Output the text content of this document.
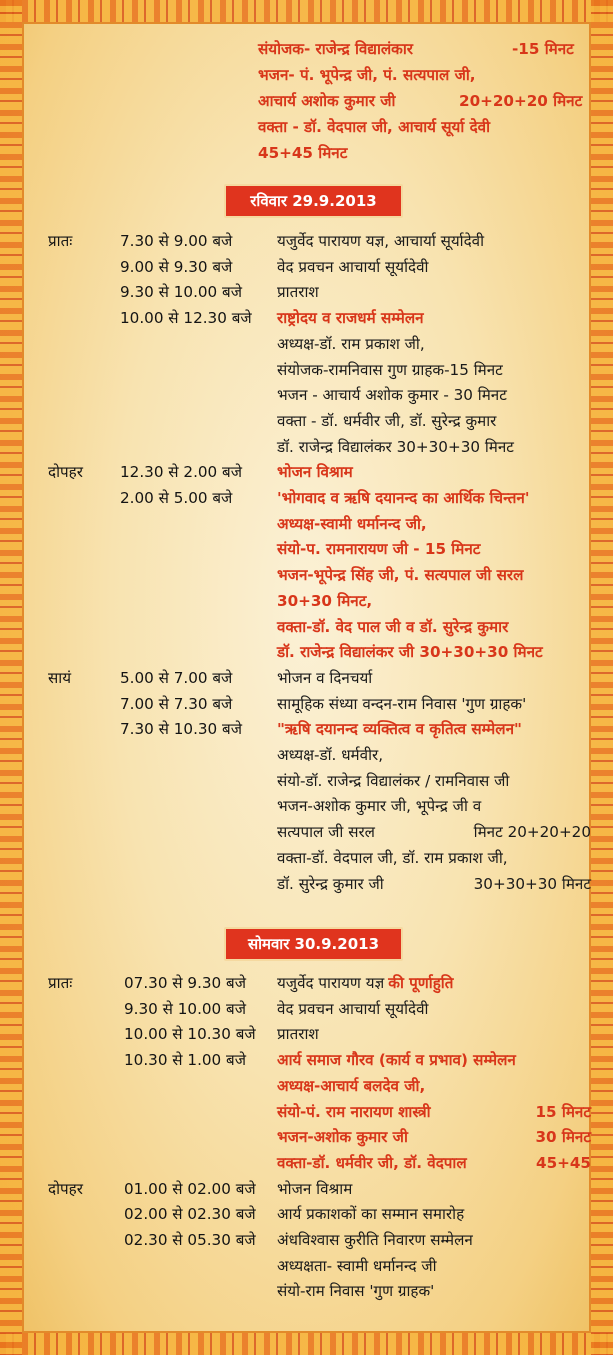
संयोजक- राजेन्द्र विद्यालंकार	-15 मिनट
भजन- पं. भूपेन्द्र जी, पं. सत्यपाल जी,
आचार्य अशोक कुमार जी	20+20+20 मिनट
वक्ता - डॉ. वेदपाल जी, आचार्य सूर्या देवी
45+45 मिनट
रविवार 29.9.2013
प्रातः	7.30 से 9.00 बजे	यजुर्वेद पारायण यज्ञ, आचार्या सूर्यादेवी
9.00 से 9.30 बजे	वेद प्रवचन आचार्या सूर्यादेवी
9.30 से 10.00 बजे प्रातराश
10.00 से 12.30 बजे राष्ट्रोदय व राजधर्म सम्मेलन
अध्यक्ष-डॉ. राम प्रकाश जी,
संयोजक-रामनिवास गुण ग्राहक-15 मिनट
भजन - आचार्य अशोक कुमार - 30 मिनट
वक्ता - डॉ. धर्मवीर जी, डॉ. सुरेन्द्र कुमार
डॉ. राजेन्द्र विद्यालंकर 30+30+30 मिनट
दोपहर 12.30 से 2.00 बजे भोजन विश्राम
2.00 से 5.00 बजे	'भोगवाद व ऋषि दयानन्द का आर्थिक चिन्तन'
अध्यक्ष-स्वामी धर्मानन्द जी,
संयो-प. रामनारायण जी - 15 मिनट
भजन-भूपेन्द्र सिंह जी, पं. सत्यपाल जी सरल
30+30 मिनट,
वक्ता-डॉ. वेद पाल जी व डॉ. सुरेन्द्र कुमार
डॉ. राजेन्द्र विद्यालंकर जी 30+30+30 मिनट
सायं	5.00 से 7.00 बजे	भोजन व दिनचर्या
7.00 से 7.30 बजे	सामूहिक संध्या वन्दन-राम निवास 'गुण ग्राहक'
7.30 से 10.30 बजे "ऋषि दयानन्द व्यक्तित्व व कृतित्व सम्मेलन"
अध्यक्ष-डॉ. धर्मवीर,
संयो-डॉ. राजेन्द्र विद्यालंकर / रामनिवास जी
भजन-अशोक कुमार जी, भूपेन्द्र जी व
सत्यपाल जी सरल	मिनट 20+20+20
वक्ता-डॉ. वेदपाल जी, डॉ. राम प्रकाश जी,
डॉ. सुरेन्द्र कुमार जी	30+30+30 मिनट
सोमवार 30.9.2013
प्रातः	07.30 से 9.30 बजे यजुर्वेद पारायण यज्ञ की पूर्णाहुति
9.30 से 10.00 बजे वेद प्रवचन आचार्या सूर्यादेवी
10.00 से 10.30 बजे प्रातराश
10.30 से 1.00 बजे आर्य समाज गौरव (कार्य व प्रभाव) सम्मेलन
अध्यक्ष-आचार्य बलदेव जी,
संयो-पं. राम नारायण शास्त्री	15 मिनट
भजन-अशोक कुमार जी	30 मिनट
वक्ता-डॉ. धर्मवीर जी, डॉ. वेदपाल	45+45
दोपहर	01.00 से 02.00 बजे भोजन विश्राम
02.00 से 02.30 बजे आर्य प्रकाशकों का सम्मान समारोह
02.30 से 05.30 बजे अंधविश्वास कुरीति निवारण सम्मेलन
अध्यक्षता- स्वामी धर्मानन्द जी
संयो-राम निवास 'गुण ग्राहक'
